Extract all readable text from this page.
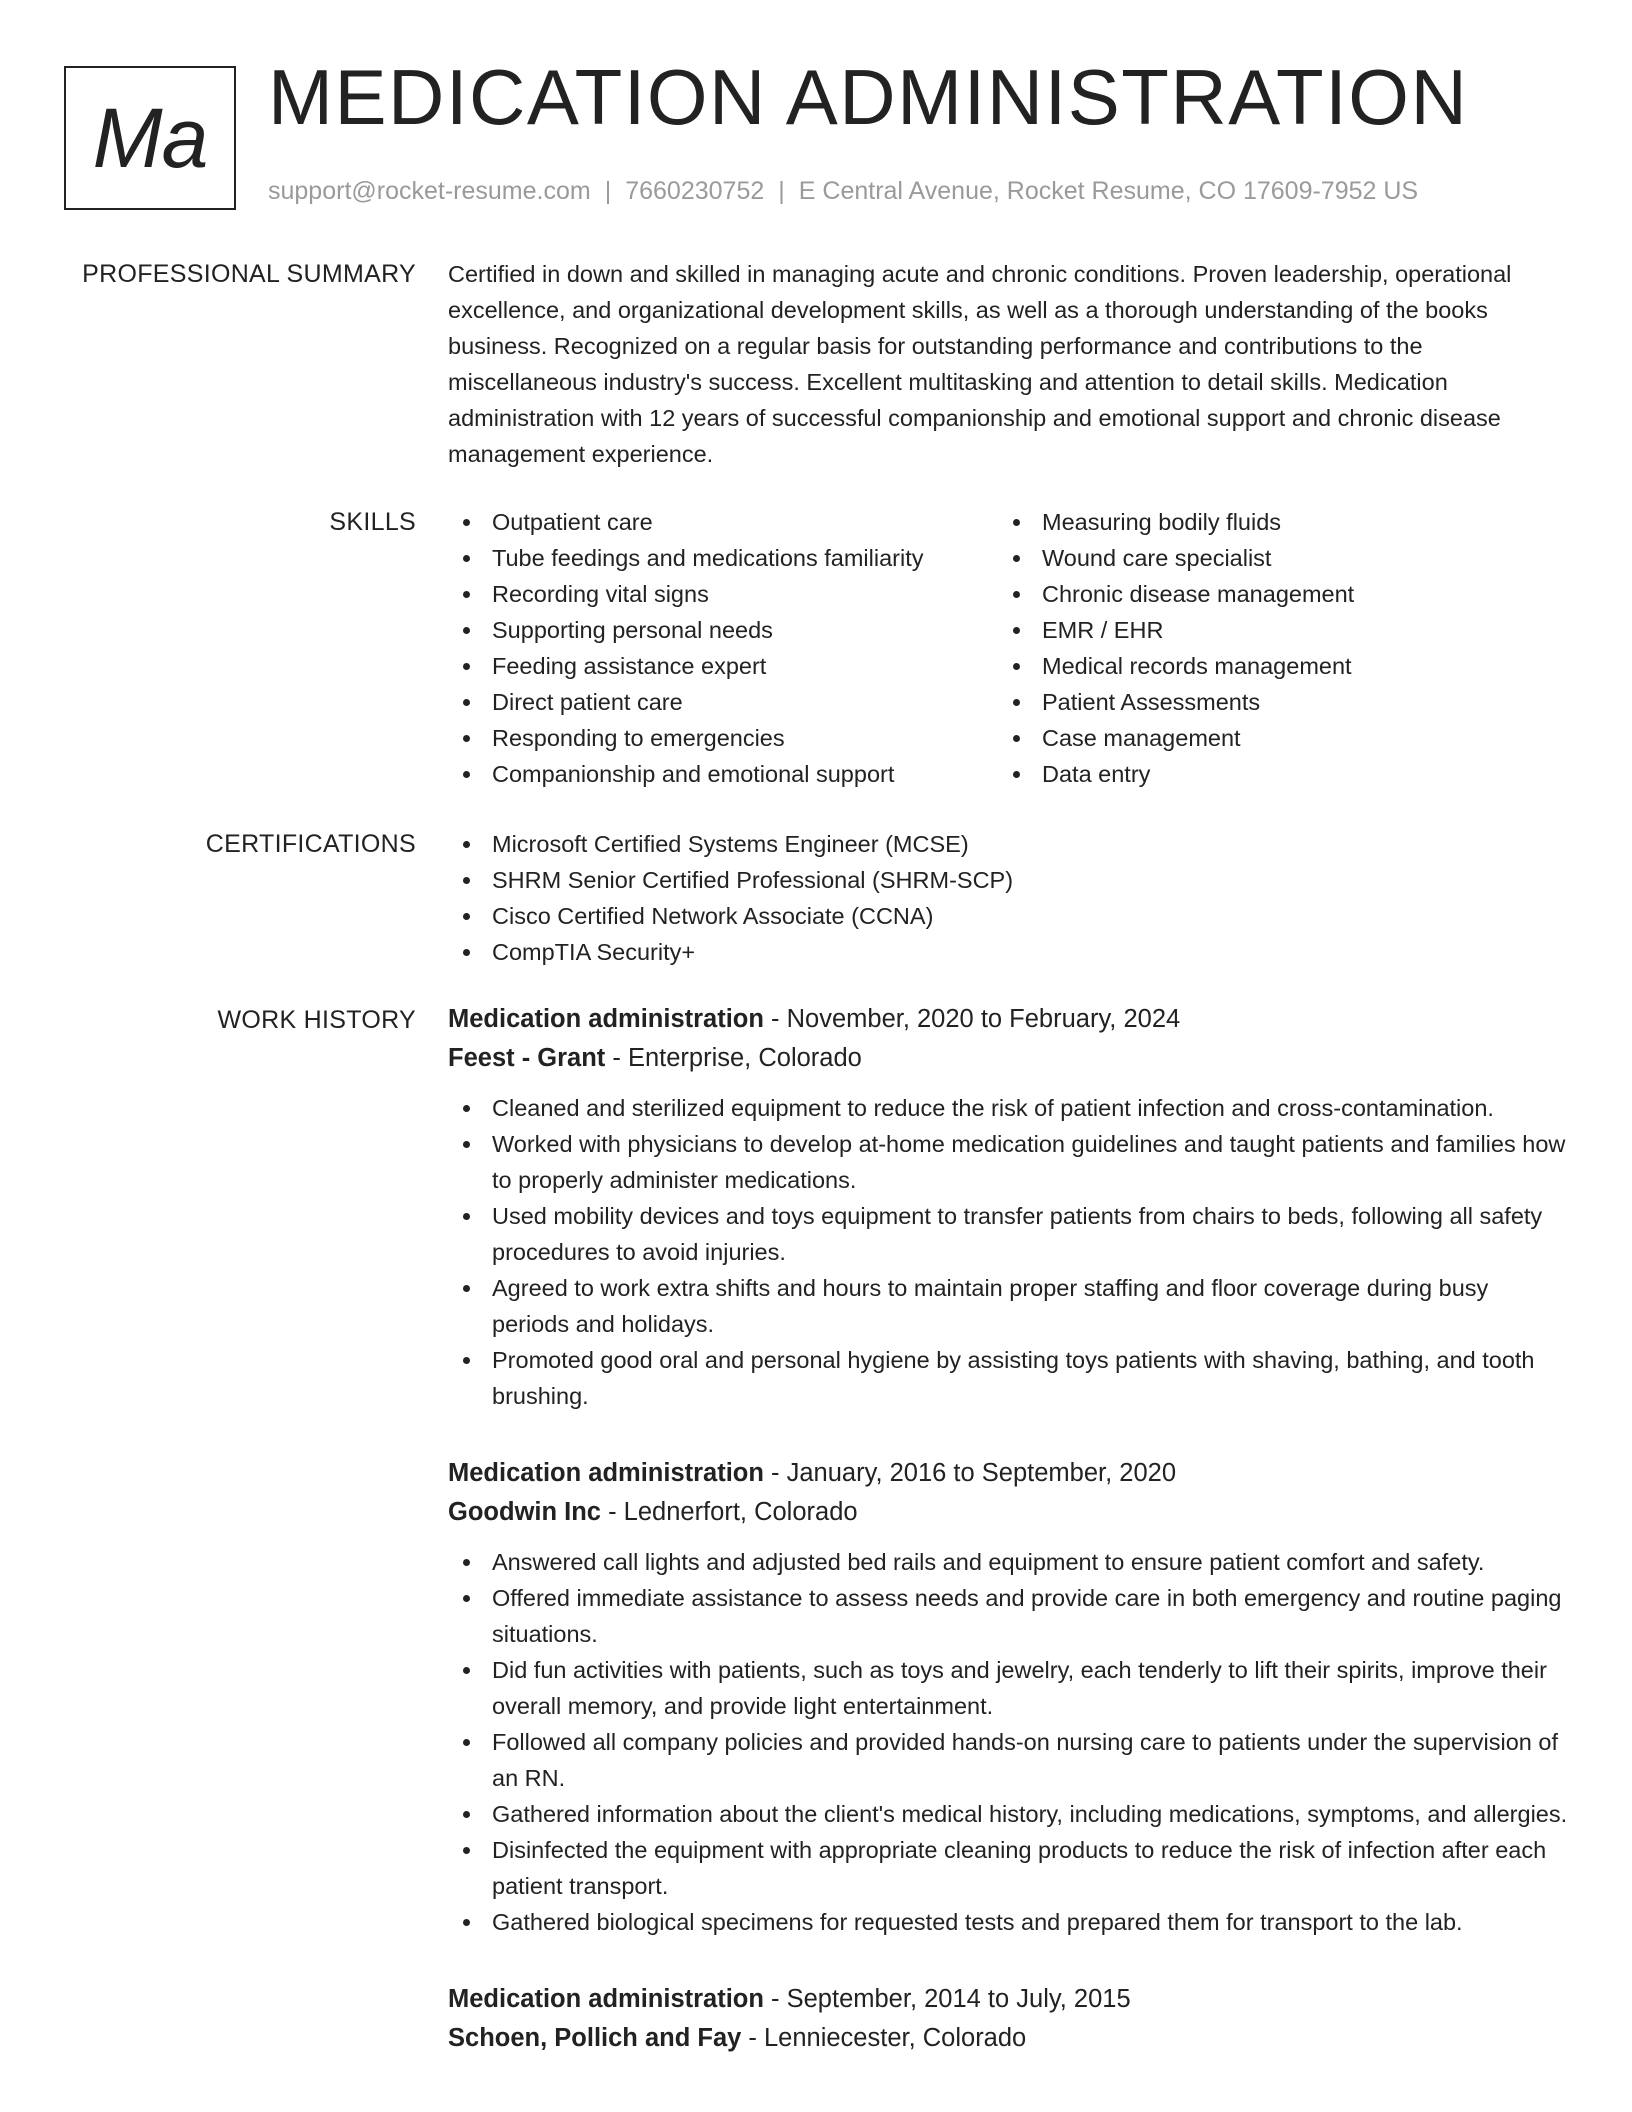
Ma MEDICATION ADMINISTRATION
support@rocket-resume.com | 7660230752 | E Central Avenue, Rocket Resume, CO 17609-7952 US
PROFESSIONAL SUMMARY Certified in down and skilled in managing acute and chronic conditions. Proven leadership, operational excellence, and organizational development skills, as well as a thorough understanding of the books business. Recognized on a regular basis for outstanding performance and contributions to the miscellaneous industry's success. Excellent multitasking and attention to detail skills. Medication administration with 12 years of successful companionship and emotional support and chronic disease management experience.

SKILLS	Outpatient care
Tube feedings and medications familiarity
Recording vital signs
Supporting personal needs
Feeding assistance expert
Direct patient care
Responding to emergencies
Companionship and emotional support
Measuring bodily fluids
Wound care specialist
Chronic disease management
EMR / EHR
Medical records management
Patient Assessments
Case management
Data entry
CERTIFICATIONS	Microsoft Certified Systems Engineer (MCSE)
SHRM Senior Certified Professional (SHRM-SCP)
Cisco Certified Network Associate (CCNA)
CompTIA Security+
WORK HISTORY Medication administration - November, 2020 to February, 2024
Feest - Grant - Enterprise, Colorado
Cleaned and sterilized equipment to reduce the risk of patient infection and cross-contamination.
Worked with physicians to develop at-home medication guidelines and taught patients and families how to properly administer medications.
Used mobility devices and toys equipment to transfer patients from chairs to beds, following all safety procedures to avoid injuries.
Agreed to work extra shifts and hours to maintain proper staffing and floor coverage during busy periods and holidays.
Promoted good oral and personal hygiene by assisting toys patients with shaving, bathing, and tooth brushing.
Medication administration - January, 2016 to September, 2020
Goodwin Inc - Lednerfort, Colorado
Answered call lights and adjusted bed rails and equipment to ensure patient comfort and safety.
Offered immediate assistance to assess needs and provide care in both emergency and routine paging situations.
Did fun activities with patients, such as toys and jewelry, each tenderly to lift their spirits, improve their overall memory, and provide light entertainment.
Followed all company policies and provided hands-on nursing care to patients under the supervision of an RN.
Gathered information about the client's medical history, including medications, symptoms, and allergies.
Disinfected the equipment with appropriate cleaning products to reduce the risk of infection after each patient transport.
Gathered biological specimens for requested tests and prepared them for transport to the lab.
Medication administration - September, 2014 to July, 2015
Schoen, Pollich and Fay - Lenniecester, Colorado
